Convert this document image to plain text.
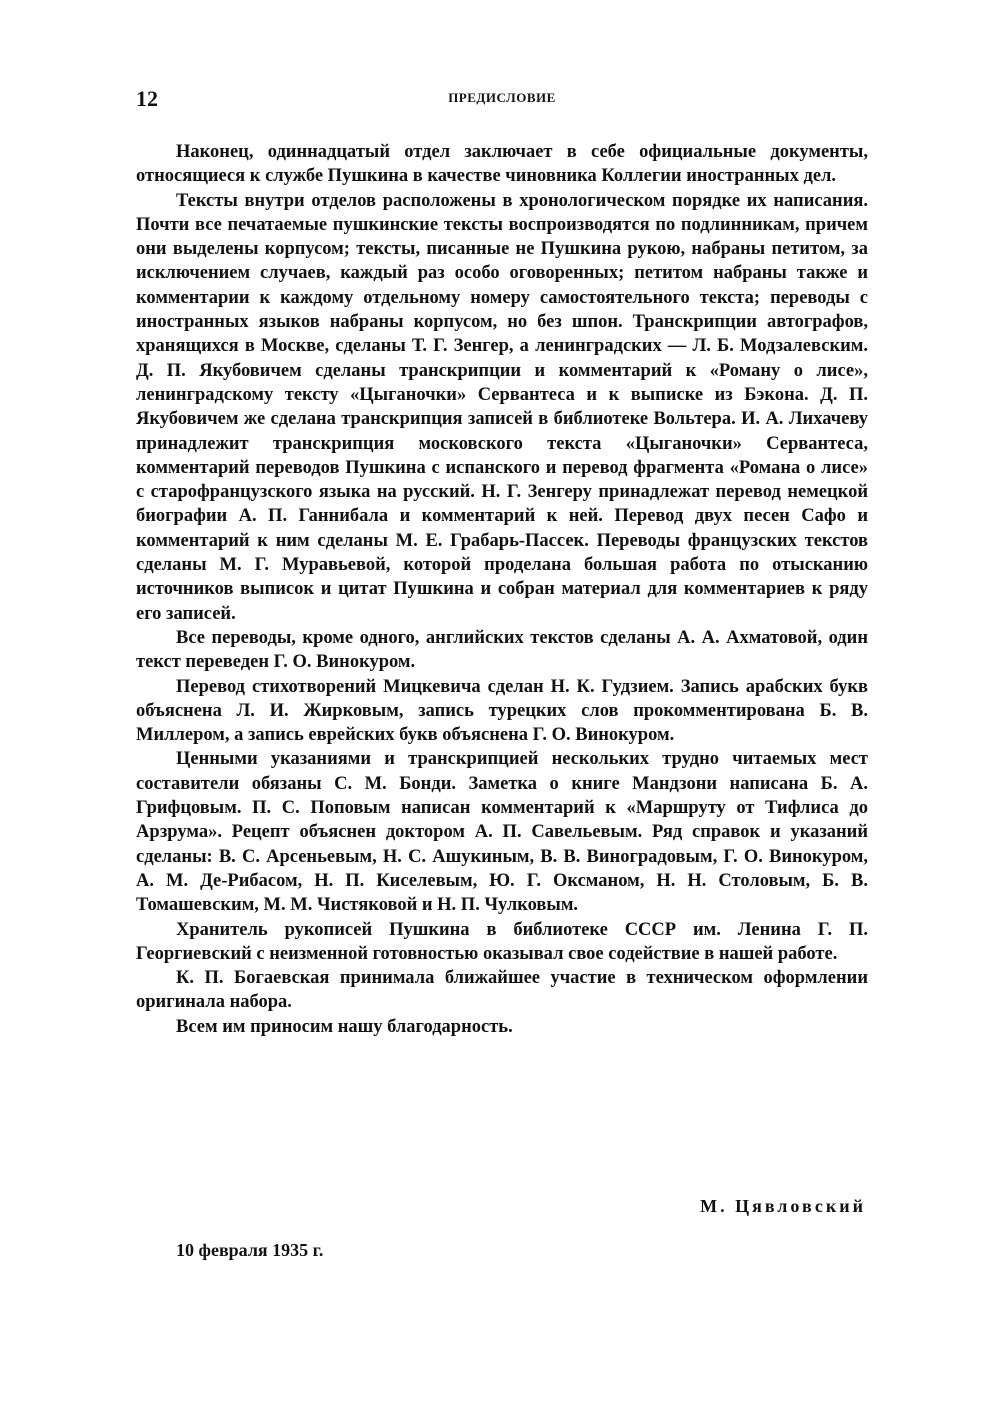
12	ПРЕДИСЛОВИЕ

Наконец, одиннадцатый отдел заключает в себе официальные документы, относящиеся к службе Пушкина в качестве чиновника Коллегии иностранных дел.

Тексты внутри отделов расположены в хронологическом порядке их написания. Почти все печатаемые пушкинские тексты воспроизводятся по подлинникам, причем они выделены корпусом; тексты, писанные не Пушкина рукою, набраны петитом, за исключением случаев, каждый раз особо оговоренных; петитом набраны также и комментарии к каждому отдельному номеру самостоятельного текста; переводы с иностранных языков набраны корпусом, но без шпон. Транскрипции автографов, хранящихся в Москве, сделаны Т. Г. Зенгер, а ленинградских — Л. Б. Модзалевским. Д. П. Якубовичем сделаны транскрипции и комментарий к «Роману о лисе», ленинградскому тексту «Цыганочки» Сервантеса и к выписке из Бэкона. Д. П. Якубовичем же сделана транскрипция записей в библиотеке Вольтера. И. А. Лихачеву принадлежит транскрипция московского текста «Цыганочки» Сервантеса, комментарий переводов Пушкина с испанского и перевод фрагмента «Романа о лисе» с старофранцузского языка на русский. Н. Г. Зенгеру принадлежат перевод немецкой биографии А. П. Ганнибала и комментарий к ней. Перевод двух песен Сафо и комментарий к ним сделаны М. Е. Грабарь-Пассек. Переводы французских текстов сделаны М. Г. Муравьевой, которой проделана большая работа по отысканию источников выписок и цитат Пушкина и собран материал для комментариев к ряду его записей.

Все переводы, кроме одного, английских текстов сделаны А. А. Ахматовой, один текст переведен Г. О. Винокуром.

Перевод стихотворений Мицкевича сделан Н. К. Гудзием. Запись арабских букв объяснена Л. И. Жирковым, запись турецких слов прокомментирована Б. В. Миллером, а запись еврейских букв объяснена Г. О. Винокуром.

Ценными указаниями и транскрипцией нескольких трудно читаемых мест составители обязаны С. М. Бонди. Заметка о книге Мандзони написана Б. А. Грифцовым. П. С. Поповым написан комментарий к «Маршруту от Тифлиса до Арзрума». Рецепт объяснен доктором А. П. Савельевым. Ряд справок и указаний сделаны: В. С. Арсеньевым, Н. С. Ашукиным, В. В. Виноградовым, Г. О. Винокуром, А. М. Де-Рибасом, Н. П. Киселевым, Ю. Г. Оксманом, Н. Н. Столовым, Б. В. Томашевским, М. М. Чистяковой и Н. П. Чулковым.

Хранитель рукописей Пушкина в библиотеке СССР им. Ленина Г. П. Георгиевский с неизменной готовностью оказывал свое содействие в нашей работе.

К. П. Богаевская принимала ближайшее участие в техническом оформлении оригинала набора.

Всем им приносим нашу благодарность.

М. Цявловский
10 февраля 1935 г.
